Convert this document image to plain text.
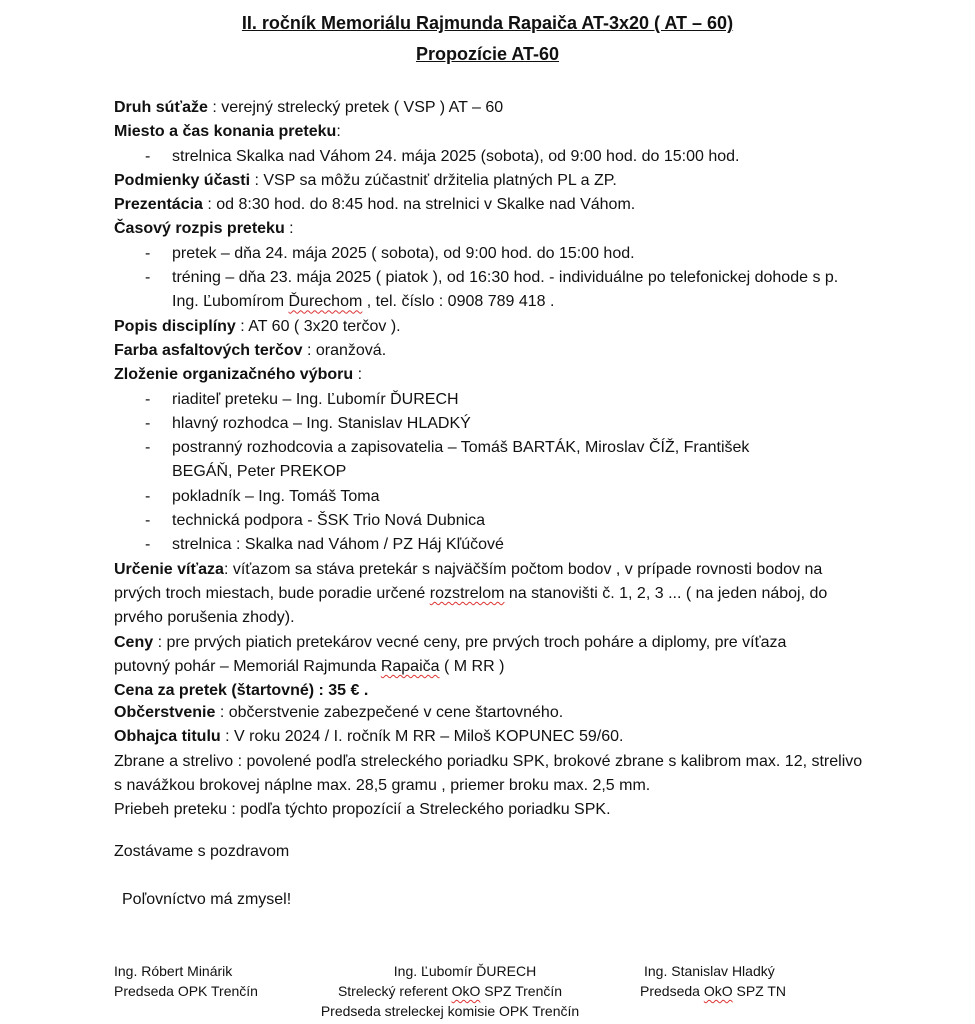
II. ročník Memoriálu Rajmunda Rapaiča AT-3x20 ( AT – 60)
Propozície AT-60
Druh súťaže : verejný strelecký pretek ( VSP ) AT – 60
Miesto a čas konania preteku:
- strelnica Skalka nad Váhom 24. mája 2025 (sobota), od 9:00 hod. do 15:00 hod.
Podmienky účasti : VSP sa môžu zúčastniť držitelia platných PL a ZP.
Prezentácia : od 8:30 hod. do 8:45 hod. na strelnici v Skalke nad Váhom.
Časový rozpis preteku :
- pretek – dňa 24. mája 2025 ( sobota), od 9:00 hod. do 15:00 hod.
- tréning – dňa 23. mája 2025 ( piatok ), od 16:30 hod. - individuálne po telefonickej dohode s p. Ing. Ľubomírom Ďurechom , tel. číslo : 0908 789 418 .
Popis disciplíny : AT 60 ( 3x20 terčov ).
Farba asfaltových terčov : oranžová.
Zloženie organizačného výboru :
- riaditeľ preteku – Ing. Ľubomír ĎURECH
- hlavný rozhodca – Ing. Stanislav HLADKÝ
- postranný rozhodcovia a zapisovatelia – Tomáš BARTÁK, Miroslav ČÍŽ, František BEGÁŇ, Peter PREKOP
- pokladník – Ing. Tomáš Toma
- technická podpora - ŠSK Trio Nová Dubnica
- strelnica : Skalka nad Váhom / PZ Háj Kľúčové
Určenie víťaza: víťazom sa stáva pretekár s najväčším počtom bodov , v prípade rovnosti bodov na prvých troch miestach, bude poradie určené rozstrelom na stanovišti č. 1, 2, 3 ... ( na jeden náboj, do prvého porušenia zhody).
Ceny : pre prvých piatich pretekárov vecné ceny, pre prvých troch poháre a diplomy, pre víťaza putovný pohár – Memoriál Rajmunda Rapaiča ( M RR )
Cena za pretek (štartovné) : 35 € .
Občerstvenie : občerstvenie zabezpečené v cene štartovného.
Obhajca titulu : V roku 2024 / I. ročník M RR – Miloš KOPUNEC 59/60.
Zbrane a strelivo : povolené podľa streleckého poriadku SPK, brokové zbrane s kalibrom max. 12, strelivo s navážkou brokovej náplne max. 28,5 gramu , priemer broku max. 2,5 mm.
Priebeh preteku : podľa týchto propozícií a Streleckého poriadku SPK.
Zostávame s pozdravom
Poľovníctvo má zmysel!
Ing. Róbert Minárik
Predseda OPK Trenčín
Ing. Ľubomír ĎURECH
Strelecký referent OkO SPZ Trenčín
Predseda streleckej komisie OPK Trenčín
Ing. Stanislav Hladký
Predseda OkO SPZ TN
